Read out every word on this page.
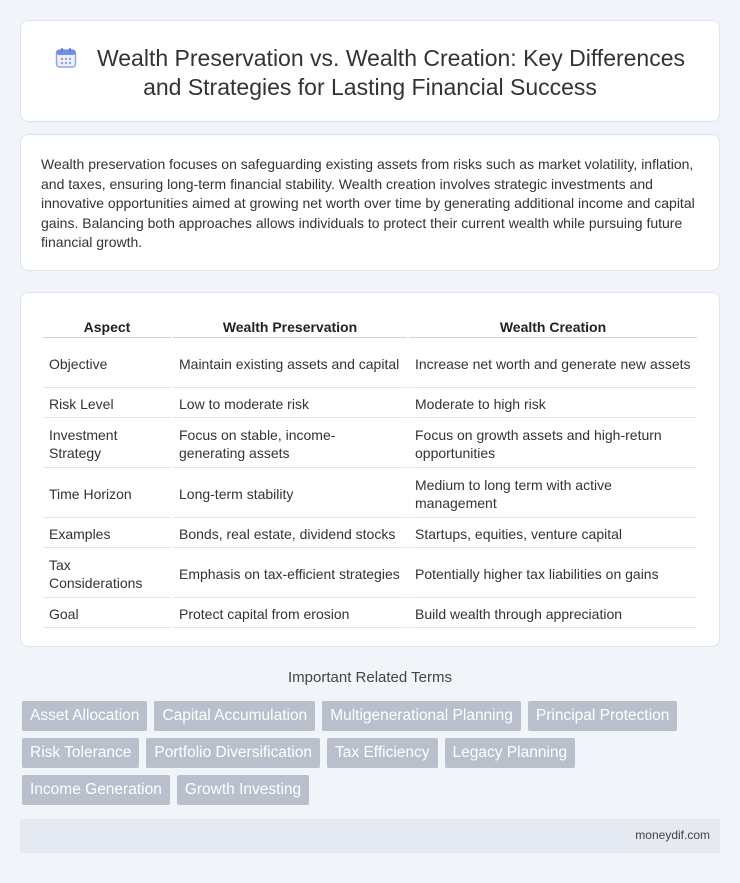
Wealth Preservation vs. Wealth Creation: Key Differences and Strategies for Lasting Financial Success

Wealth preservation focuses on safeguarding existing assets from risks such as market volatility, inflation, and taxes, ensuring long-term financial stability. Wealth creation involves strategic investments and innovative opportunities aimed at growing net worth over time by generating additional income and capital gains. Balancing both approaches allows individuals to protect their current wealth while pursuing future financial growth.

Aspect	Wealth Preservation	Wealth Creation
Objective	Maintain existing assets and capital	Increase net worth and generate new assets
Risk Level	Low to moderate risk	Moderate to high risk
Investment Strategy	Focus on stable, income-generating assets	Focus on growth assets and high-return opportunities
Time Horizon	Long-term stability	Medium to long term with active management
Examples	Bonds, real estate, dividend stocks	Startups, equities, venture capital
Tax Considerations	Emphasis on tax-efficient strategies	Potentially higher tax liabilities on gains
Goal	Protect capital from erosion	Build wealth through appreciation
Important Related Terms
Asset Allocation	Capital Accumulation	Multigenerational Planning	Principal Protection
Risk Tolerance	Portfolio Diversification	Tax Efficiency	Legacy Planning
Income Generation	Growth Investing
moneydif.com
